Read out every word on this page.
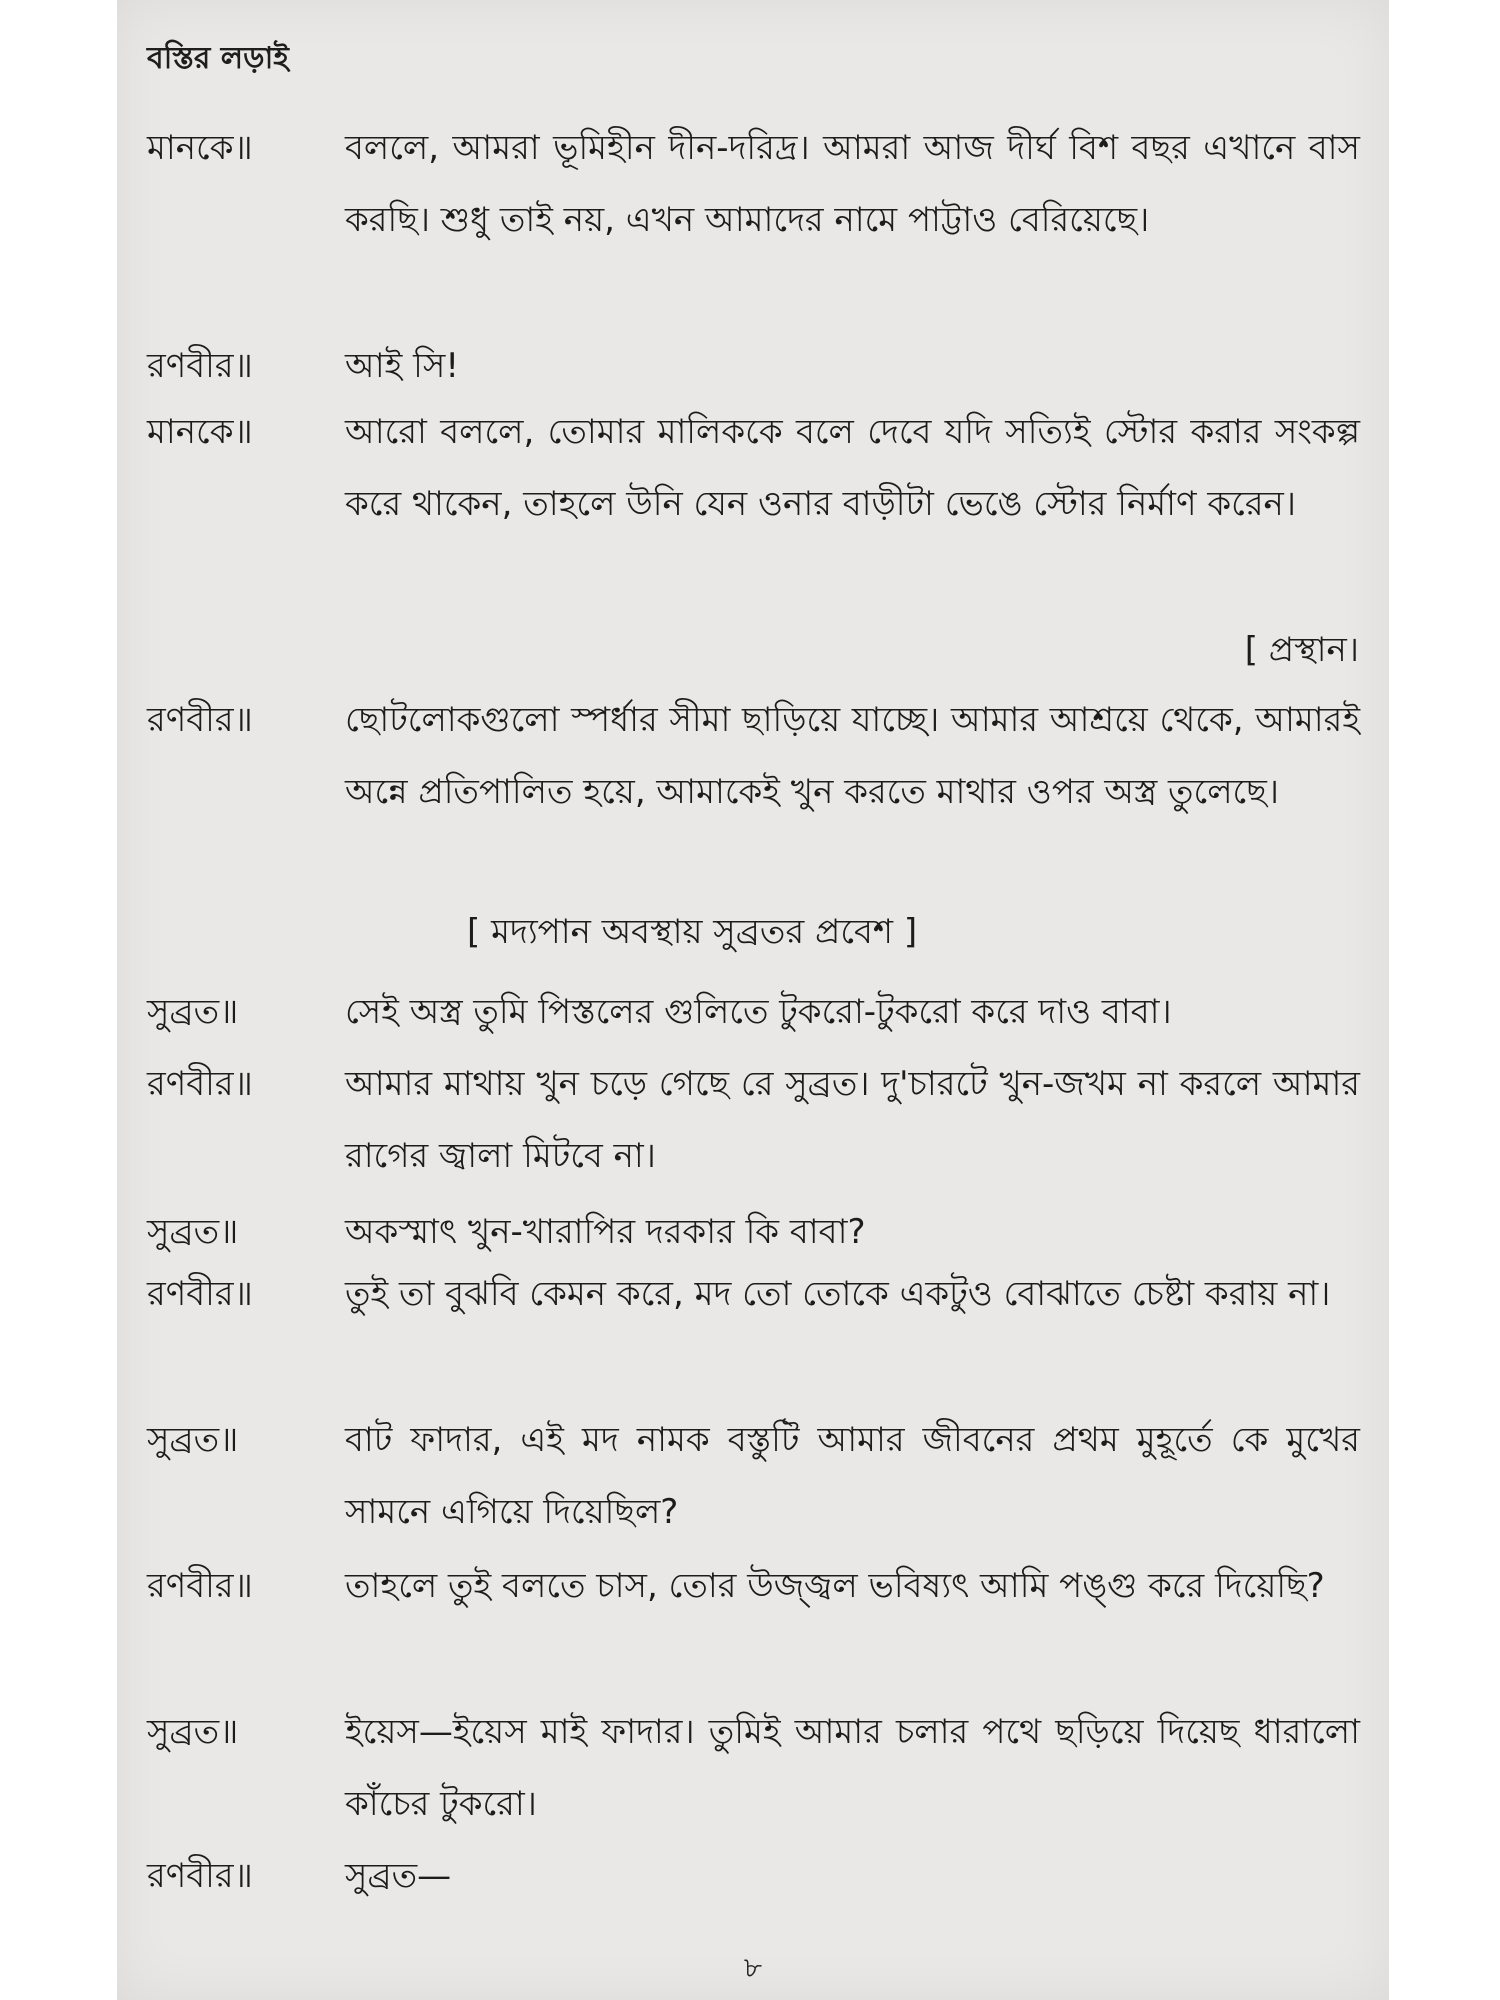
বস্তির লড়াই
মানকে॥	বললে, আমরা ভূমিহীন দীন-দরিদ্র। আমরা আজ দীর্ঘ বিশ বছর এখানে বাস করছি। শুধু তাই নয়, এখন আমাদের নামে পাট্টাও বেরিয়েছে।
রণবীর॥	আই সি!
মানকে॥	আরো বললে, তোমার মালিককে বলে দেবে যদি সত্যিই স্টোর করার সংকল্প করে থাকেন, তাহলে উনি যেন ওনার বাড়ীটা ভেঙে স্টোর নির্মাণ করেন।
[ প্রস্থান।
রণবীর॥	ছোটলোকগুলো স্পর্ধার সীমা ছাড়িয়ে যাচ্ছে। আমার আশ্রয়ে থেকে, আমারই অন্নে প্রতিপালিত হয়ে, আমাকেই খুন করতে মাথার ওপর অস্ত্র তুলেছে।
[ মদ্যপান অবস্থায় সুব্রতর প্রবেশ ]
সুব্রত॥	সেই অস্ত্র তুমি পিস্তলের গুলিতে টুকরো-টুকরো করে দাও বাবা।
রণবীর॥	আমার মাথায় খুন চড়ে গেছে রে সুব্রত। দু'চারটে খুন-জখম না করলে আমার রাগের জ্বালা মিটবে না।
সুব্রত॥	অকস্মাৎ খুন-খারাপির দরকার কি বাবা?
রণবীর॥	তুই তা বুঝবি কেমন করে, মদ তো তোকে একটুও বোঝাতে চেষ্টা করায় না।
সুব্রত॥	বাট ফাদার, এই মদ নামক বস্তুটি আমার জীবনের প্রথম মুহূর্তে কে মুখের সামনে এগিয়ে দিয়েছিল?
রণবীর॥	তাহলে তুই বলতে চাস, তোর উজ্জ্বল ভবিষ্যৎ আমি পঙ্গু করে দিয়েছি?
সুব্রত॥	ইয়েস—ইয়েস মাই ফাদার। তুমিই আমার চলার পথে ছড়িয়ে দিয়েছ ধারালো কাঁচের টুকরো।
রণবীর॥	সুব্রত—
৮
